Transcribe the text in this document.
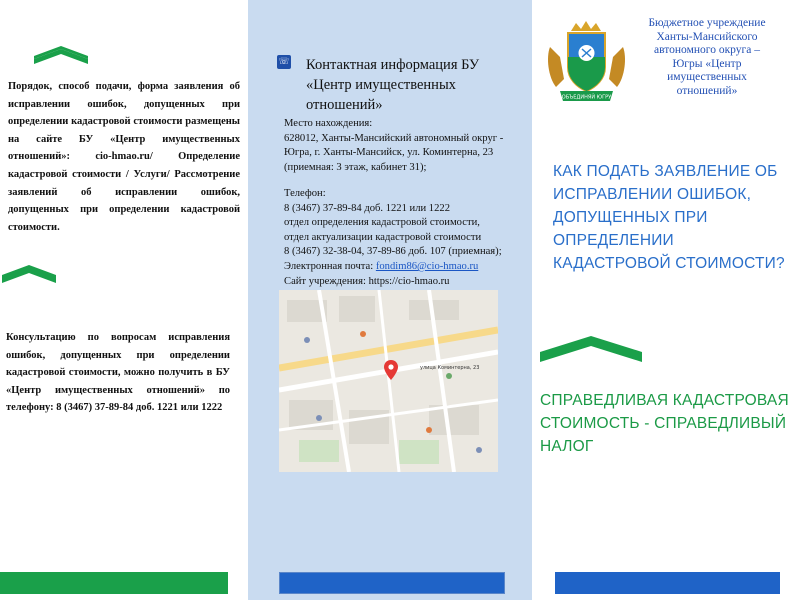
Порядок, способ подачи, форма заявления об исправлении ошибок, допущенных при определении кадастровой стоимости размещены на сайте БУ «Центр имущественных отношений»: cio-hmao.ru/ Определение кадастровой стоимости / Услуги/ Рассмотрение заявлений об исправлении ошибок, допущенных при определении кадастровой стоимости.
Консультацию по вопросам исправления ошибок, допущенных при определении кадастровой стоимости, можно получить в БУ «Центр имущественных отношений» по телефону: 8 (3467) 37-89-84 доб. 1221 или 1222
☏ Контактная информация БУ «Центр имущественных отношений»
Место нахождения:
628012, Ханты-Мансийский автономный округ - Югра, г. Ханты-Мансийск, ул. Коминтерна, 23 (приемная: 3 этаж, кабинет 31);
Телефон:
8 (3467) 37-89-84 доб. 1221 или 1222
отдел определения кадастровой стоимости,
отдел актуализации кадастровой стоимости
8 (3467) 32-38-04, 37-89-86 доб. 107 (приемная);
Электронная почта: fondim86@cio-hmao.ru
Сайт учреждения: https://cio-hmao.ru
улица Коминтерна, 23
ОБЪЕДИНЯЙ ЮГРУ
Бюджетное учреждение Ханты-Мансийского автономного округа – Югры «Центр имущественных отношений»
КАК ПОДАТЬ ЗАЯВЛЕНИЕ ОБ ИСПРАВЛЕНИИ ОШИБОК, ДОПУЩЕННЫХ ПРИ ОПРЕДЕЛЕНИИ КАДАСТРОВОЙ СТОИМОСТИ?
СПРАВЕДЛИВАЯ КАДАСТРОВАЯ СТОИМОСТЬ - СПРАВЕДЛИВЫЙ НАЛОГ
